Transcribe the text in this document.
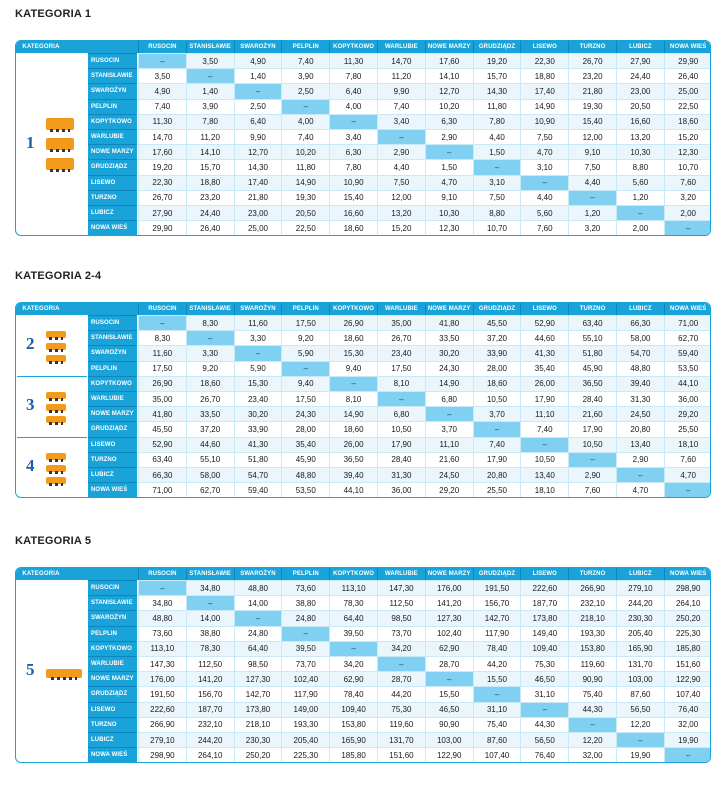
KATEGORIA 1
KATEGORIA	RUSOCIN	STANISŁAWIE	SWAROŻYN	PELPLIN	KOPYTKOWO	WARLUBIE	NOWE MARZY	GRUDZIĄDZ	LISEWO	TURZNO	LUBICZ	NOWA WIEŚ
RUSOCIN	–	3,50	4,90	7,40	11,30	14,70	17,60	19,20	22,30	26,70	27,90	29,90
STANISŁAWIE	3,50	–	1,40	3,90	7,80	11,20	14,10	15,70	18,80	23,20	24,40	26,40
SWAROŻYN	4,90	1,40	–	2,50	6,40	9,90	12,70	14,30	17,40	21,80	23,00	25,00
PELPLIN	7,40	3,90	2,50	–	4,00	7,40	10,20	11,80	14,90	19,30	20,50	22,50
KOPYTKOWO	11,30	7,80	6,40	4,00	–	3,40	6,30	7,80	10,90	15,40	16,60	18,60
WARLUBIE	14,70	11,20	9,90	7,40	3,40	–	2,90	4,40	7,50	12,00	13,20	15,20
NOWE MARZY	17,60	14,10	12,70	10,20	6,30	2,90	–	1,50	4,70	9,10	10,30	12,30
GRUDZIĄDZ	19,20	15,70	14,30	11,80	7,80	4,40	1,50	–	3,10	7,50	8,80	10,70
LISEWO	22,30	18,80	17,40	14,90	10,90	7,50	4,70	3,10	–	4,40	5,60	7,60
TURZNO	26,70	23,20	21,80	19,30	15,40	12,00	9,10	7,50	4,40	–	1,20	3,20
LUBICZ	27,90	24,40	23,00	20,50	16,60	13,20	10,30	8,80	5,60	1,20	–	2,00
NOWA WIEŚ	29,90	26,40	25,00	22,50	18,60	15,20	12,30	10,70	7,60	3,20	2,00	–
1
KATEGORIA 2-4
KATEGORIA	RUSOCIN	STANISŁAWIE	SWAROŻYN	PELPLIN	KOPYTKOWO	WARLUBIE	NOWE MARZY	GRUDZIĄDZ	LISEWO	TURZNO	LUBICZ	NOWA WIEŚ
RUSOCIN	–	8,30	11,60	17,50	26,90	35,00	41,80	45,50	52,90	63,40	66,30	71,00
STANISŁAWIE	8,30	–	3,30	9,20	18,60	26,70	33,50	37,20	44,60	55,10	58,00	62,70
SWAROŻYN	11,60	3,30	–	5,90	15,30	23,40	30,20	33,90	41,30	51,80	54,70	59,40
PELPLIN	17,50	9,20	5,90	–	9,40	17,50	24,30	28,00	35,40	45,90	48,80	53,50
KOPYTKOWO	26,90	18,60	15,30	9,40	–	8,10	14,90	18,60	26,00	36,50	39,40	44,10
WARLUBIE	35,00	26,70	23,40	17,50	8,10	–	6,80	10,50	17,90	28,40	31,30	36,00
NOWE MARZY	41,80	33,50	30,20	24,30	14,90	6,80	–	3,70	11,10	21,60	24,50	29,20
GRUDZIĄDZ	45,50	37,20	33,90	28,00	18,60	10,50	3,70	–	7,40	17,90	20,80	25,50
LISEWO	52,90	44,60	41,30	35,40	26,00	17,90	11,10	7,40	–	10,50	13,40	18,10
TURZNO	63,40	55,10	51,80	45,90	36,50	28,40	21,60	17,90	10,50	–	2,90	7,60
LUBICZ	66,30	58,00	54,70	48,80	39,40	31,30	24,50	20,80	13,40	2,90	–	4,70
NOWA WIEŚ	71,00	62,70	59,40	53,50	44,10	36,00	29,20	25,50	18,10	7,60	4,70	–
2
3
4
KATEGORIA 5
KATEGORIA	RUSOCIN	STANISŁAWIE	SWAROŻYN	PELPLIN	KOPYTKOWO	WARLUBIE	NOWE MARZY	GRUDZIĄDZ	LISEWO	TURZNO	LUBICZ	NOWA WIEŚ
RUSOCIN	–	34,80	48,80	73,60	113,10	147,30	176,00	191,50	222,60	266,90	279,10	298,90
STANISŁAWIE	34,80	–	14,00	38,80	78,30	112,50	141,20	156,70	187,70	232,10	244,20	264,10
SWAROŻYN	48,80	14,00	–	24,80	64,40	98,50	127,30	142,70	173,80	218,10	230,30	250,20
PELPLIN	73,60	38,80	24,80	–	39,50	73,70	102,40	117,90	149,40	193,30	205,40	225,30
KOPYTKOWO	113,10	78,30	64,40	39,50	–	34,20	62,90	78,40	109,40	153,80	165,90	185,80
WARLUBIE	147,30	112,50	98,50	73,70	34,20	–	28,70	44,20	75,30	119,60	131,70	151,60
NOWE MARZY	176,00	141,20	127,30	102,40	62,90	28,70	–	15,50	46,50	90,90	103,00	122,90
GRUDZIĄDZ	191,50	156,70	142,70	117,90	78,40	44,20	15,50	–	31,10	75,40	87,60	107,40
LISEWO	222,60	187,70	173,80	149,00	109,40	75,30	46,50	31,10	–	44,30	56,50	76,40
TURZNO	266,90	232,10	218,10	193,30	153,80	119,60	90,90	75,40	44,30	–	12,20	32,00
LUBICZ	279,10	244,20	230,30	205,40	165,90	131,70	103,00	87,60	56,50	12,20	–	19,90
NOWA WIEŚ	298,90	264,10	250,20	225,30	185,80	151,60	122,90	107,40	76,40	32,00	19,90	–
5
